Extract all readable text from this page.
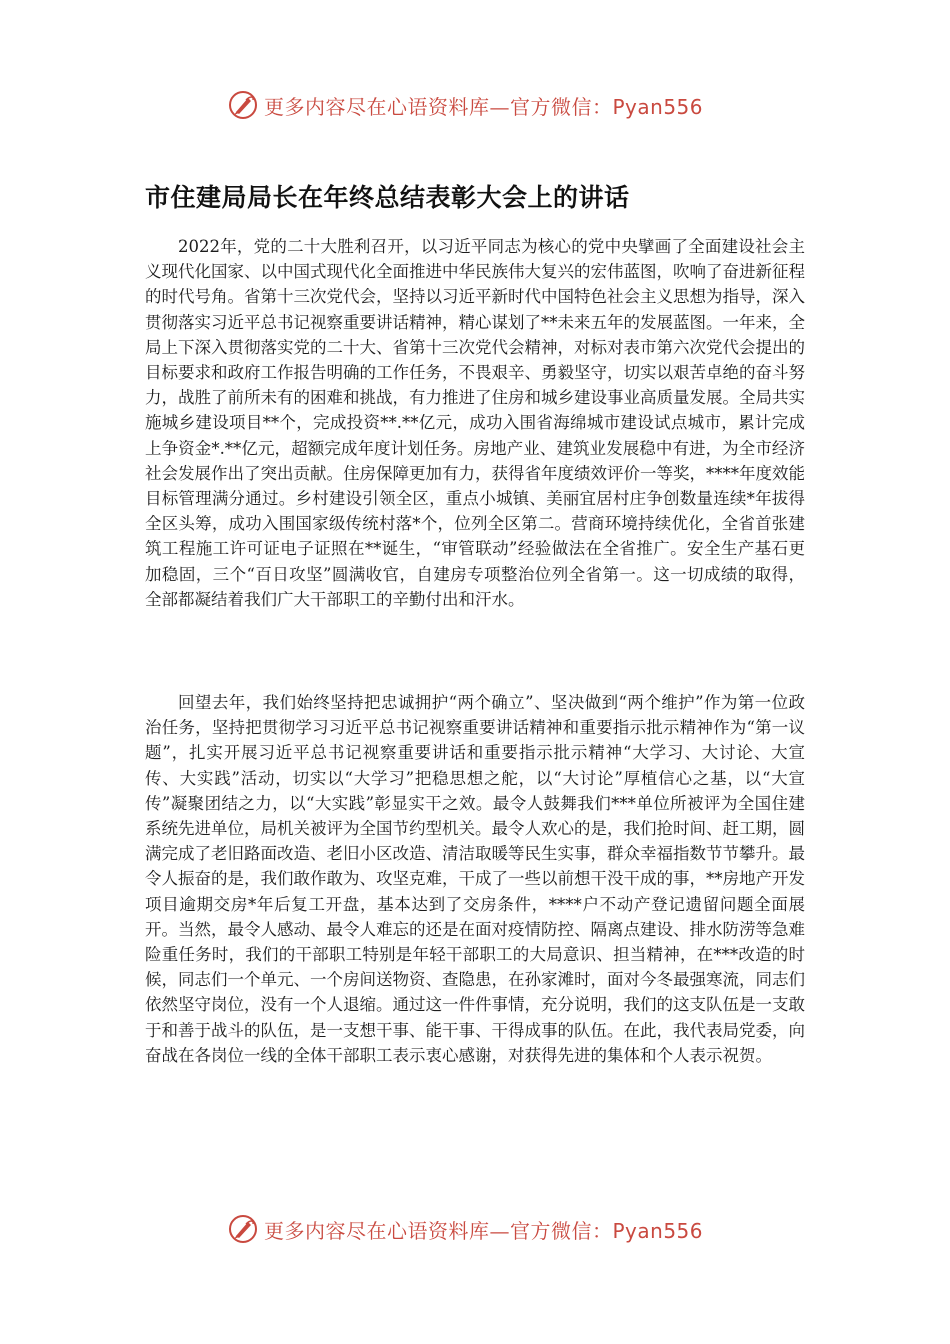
更多内容尽在心语资料库—官方微信：Pyan556
市住建局局长在年终总结表彰大会上的讲话

2022年，党的二十大胜利召开，以习近平同志为核心的党中央擘画了全面建设社会主义现代化国家、以中国式现代化全面推进中华民族伟大复兴的宏伟蓝图，吹响了奋进新征程的时代号角。省第十三次党代会，坚持以习近平新时代中国特色社会主义思想为指导，深入贯彻落实习近平总书记视察重要讲话精神，精心谋划了**未来五年的发展蓝图。一年来，全局上下深入贯彻落实党的二十大、省第十三次党代会精神，对标对表市第六次党代会提出的目标要求和政府工作报告明确的工作任务，不畏艰辛、勇毅坚守，切实以艰苦卓绝的奋斗努力，战胜了前所未有的困难和挑战，有力推进了住房和城乡建设事业高质量发展。全局共实施城乡建设项目**个，完成投资**.**亿元，成功入围省海绵城市建设试点城市，累计完成上争资金*.**亿元，超额完成年度计划任务。房地产业、建筑业发展稳中有进，为全市经济社会发展作出了突出贡献。住房保障更加有力，获得省年度绩效评价一等奖，****年度效能目标管理满分通过。乡村建设引领全区，重点小城镇、美丽宜居村庄争创数量连续*年拔得全区头筹，成功入围国家级传统村落*个，位列全区第二。营商环境持续优化，全省首张建筑工程施工许可证电子证照在**诞生，“审管联动”经验做法在全省推广。安全生产基石更加稳固，三个“百日攻坚”圆满收官，自建房专项整治位列全省第一。这一切成绩的取得，全部都凝结着我们广大干部职工的辛勤付出和汗水。

回望去年，我们始终坚持把忠诚拥护“两个确立”、坚决做到“两个维护”作为第一位政治任务，坚持把贯彻学习习近平总书记视察重要讲话精神和重要指示批示精神作为“第一议题”，扎实开展习近平总书记视察重要讲话和重要指示批示精神“大学习、大讨论、大宣传、大实践”活动，切实以“大学习”把稳思想之舵，以“大讨论”厚植信心之基，以“大宣传”凝聚团结之力，以“大实践”彰显实干之效。最令人鼓舞我们***单位所被评为全国住建系统先进单位，局机关被评为全国节约型机关。最令人欢心的是，我们抢时间、赶工期，圆满完成了老旧路面改造、老旧小区改造、清洁取暖等民生实事，群众幸福指数节节攀升。最令人振奋的是，我们敢作敢为、攻坚克难，干成了一些以前想干没干成的事，**房地产开发项目逾期交房*年后复工开盘，基本达到了交房条件，****户不动产登记遗留问题全面展开。当然，最令人感动、最令人难忘的还是在面对疫情防控、隔离点建设、排水防涝等急难险重任务时，我们的干部职工特别是年轻干部职工的大局意识、担当精神，在***改造的时候，同志们一个单元、一个房间送物资、查隐患，在孙家滩时，面对今冬最强寒流，同志们依然坚守岗位，没有一个人退缩。通过这一件件事情，充分说明，我们的这支队伍是一支敢于和善于战斗的队伍，是一支想干事、能干事、干得成事的队伍。在此，我代表局党委，向奋战在各岗位一线的全体干部职工表示衷心感谢，对获得先进的集体和个人表示祝贺。

更多内容尽在心语资料库—官方微信：Pyan556
